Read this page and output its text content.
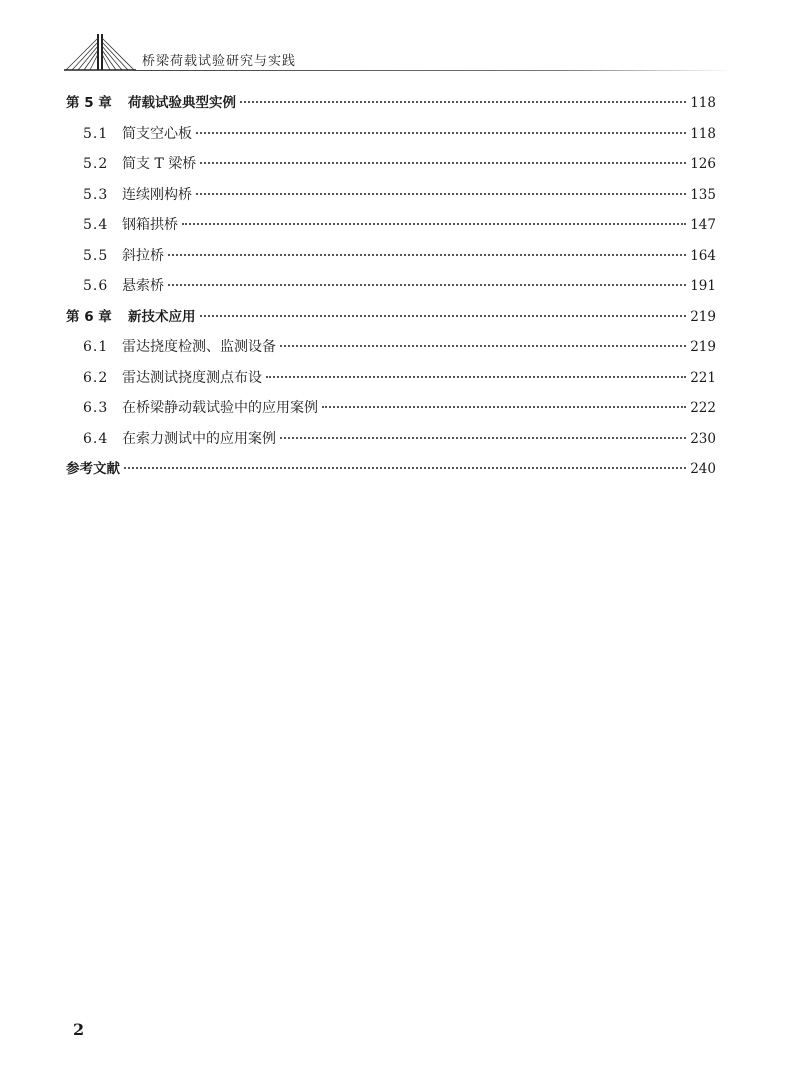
桥梁荷载试验研究与实践
第 5 章	荷载试验典型实例	118
5.1 简支空心板	118
5.2 简支 T 梁桥	126
5.3 连续刚构桥	135
5.4 钢箱拱桥	147
5.5 斜拉桥	164
5.6 悬索桥	191
第 6 章	新技术应用	219
6.1 雷达挠度检测、监测设备	219
6.2 雷达测试挠度测点布设	221
6.3 在桥梁静动载试验中的应用案例	222
6.4 在索力测试中的应用案例	230
参考文献	240
2
